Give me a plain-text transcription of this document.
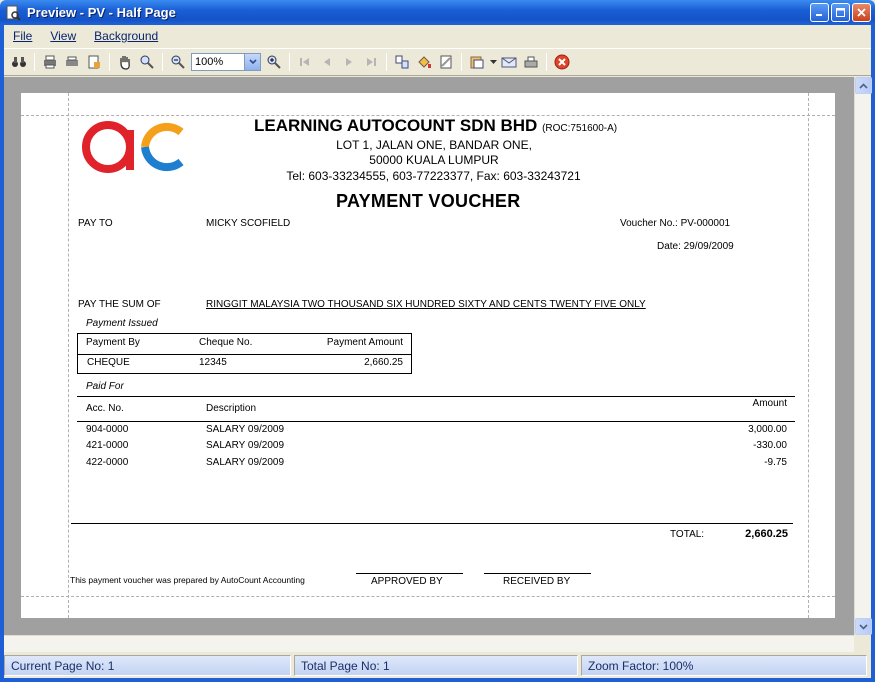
Preview - PV - Half Page
File	View	Background
100%
LEARNING AUTOCOUNT SDN BHD (ROC:751600-A)
LOT 1, JALAN ONE, BANDAR ONE,
50000 KUALA LUMPUR
Tel: 603-33234555, 603-77223377, Fax: 603-33243721
PAYMENT VOUCHER
PAY TO	MICKY SCOFIELD	Voucher No.: PV-000001
Date: 29/09/2009
PAY THE SUM OF	RINGGIT MALAYSIA TWO THOUSAND SIX HUNDRED SIXTY AND CENTS TWENTY FIVE ONLY
Payment Issued
Payment By	Cheque No.	Payment Amount
CHEQUE	12345	2,660.25
Paid For
Acc. No.	Description	Amount
904-0000	SALARY 09/2009	3,000.00
421-0000	SALARY 09/2009	-330.00
422-0000	SALARY 09/2009	-9.75
TOTAL:	2,660.25
This payment voucher was prepared by AutoCount Accounting	APPROVED BY	RECEIVED BY
Current Page No: 1	Total Page No: 1	Zoom Factor: 100%
